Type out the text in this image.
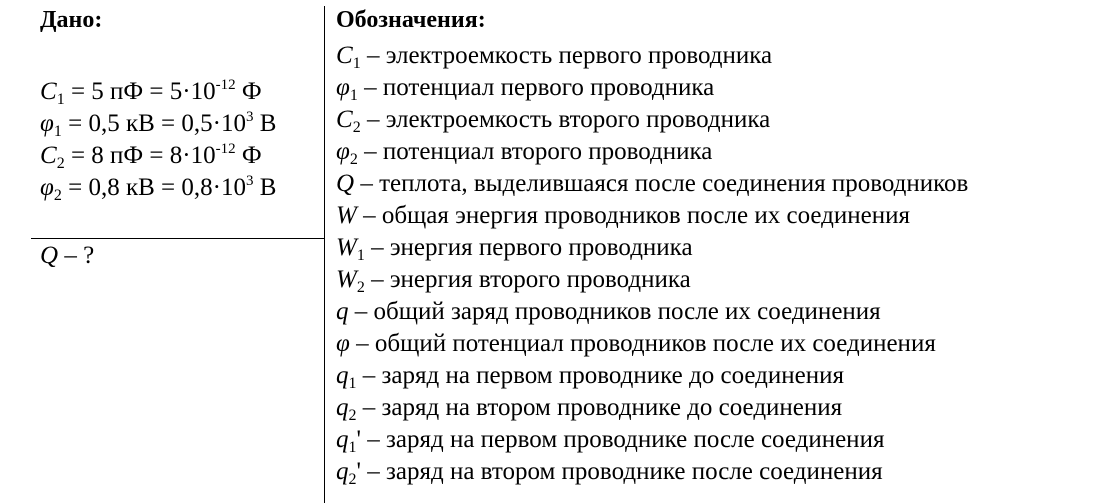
Дано:
$C_1 = 5$ пФ = $5\cdot 10^{-12}$ Ф
$\varphi_1 = 0,5$ кВ = $0,5\cdot 10^3$ В
$C_2 = 8$ пФ = $8\cdot 10^{-12}$ Ф
$\varphi_2 = 0,8$ кВ = $0,8\cdot 10^3$ В
Q – ?
Обозначения:
$C_1$ – электроемкость первого проводника
$\varphi_1$ – потенциал первого проводника
$C_2$ – электроемкость второго проводника
$\varphi_2$ – потенциал второго проводника
Q – теплота, выделившаяся после соединения проводников
W – общая энергия проводников после их соединения
$W_1$ – энергия первого проводника
$W_2$ – энергия второго проводника
q – общий заряд проводников после их соединения
φ – общий потенциал проводников после их соединения
$q_1$ – заряд на первом проводнике до соединения
$q_2$ – заряд на втором проводнике до соединения
$q_1'$ – заряд на первом проводнике после соединения
$q_2'$ – заряд на втором проводнике после соединения
